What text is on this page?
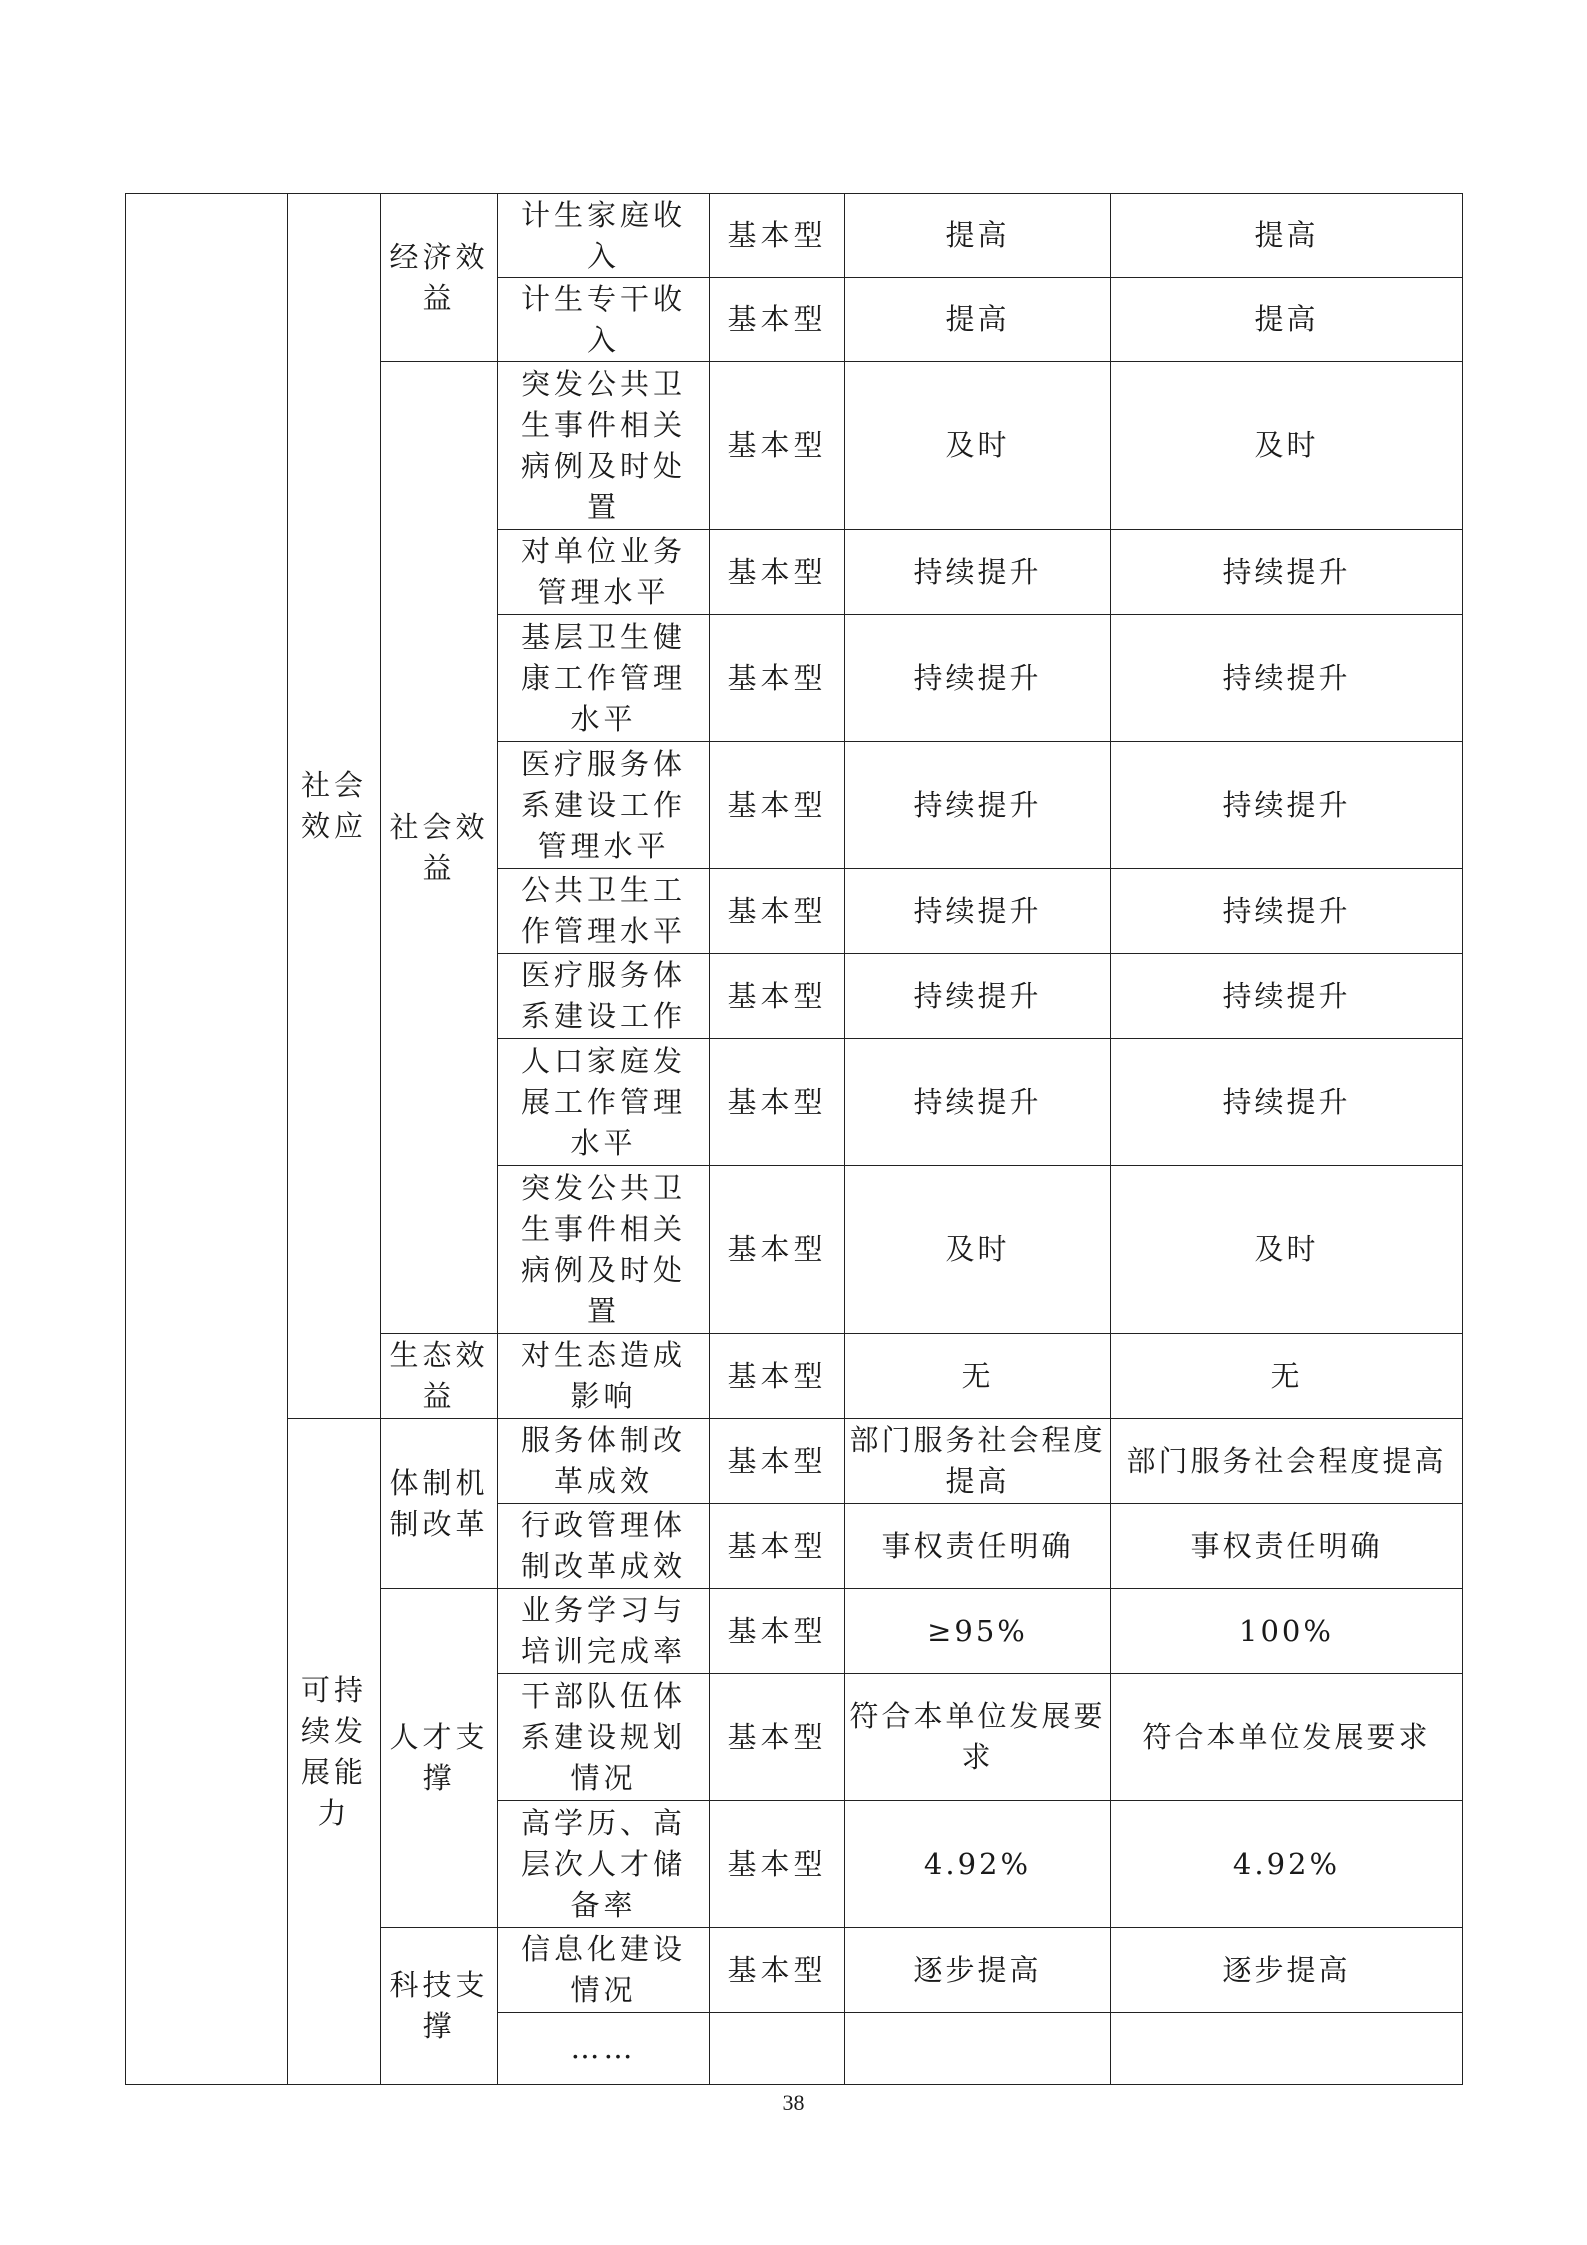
	社会效应	经济效益	计生家庭收入	基本型	提高	提高
			计生专干收入	基本型	提高	提高
		社会效益	突发公共卫生事件相关病例及时处置	基本型	及时	及时
			对单位业务管理水平	基本型	持续提升	持续提升
			基层卫生健康工作管理水平	基本型	持续提升	持续提升
			医疗服务体系建设工作管理水平	基本型	持续提升	持续提升
			公共卫生工作管理水平	基本型	持续提升	持续提升
			医疗服务体系建设工作	基本型	持续提升	持续提升
			人口家庭发展工作管理水平	基本型	持续提升	持续提升
			突发公共卫生事件相关病例及时处置	基本型	及时	及时
		生态效益	对生态造成影响	基本型	无	无
	可持续发展能力	体制机制改革	服务体制改革成效	基本型	部门服务社会程度提高	部门服务社会程度提高
			行政管理体制改革成效	基本型	事权责任明确	事权责任明确
		人才支撑	业务学习与培训完成率	基本型	≥95%	100%
			干部队伍体系建设规划情况	基本型	符合本单位发展要求	符合本单位发展要求
			高学历、高层次人才储备率	基本型	4.92%	4.92%
		科技支撑	信息化建设情况	基本型	逐步提高	逐步提高
			……			
38
